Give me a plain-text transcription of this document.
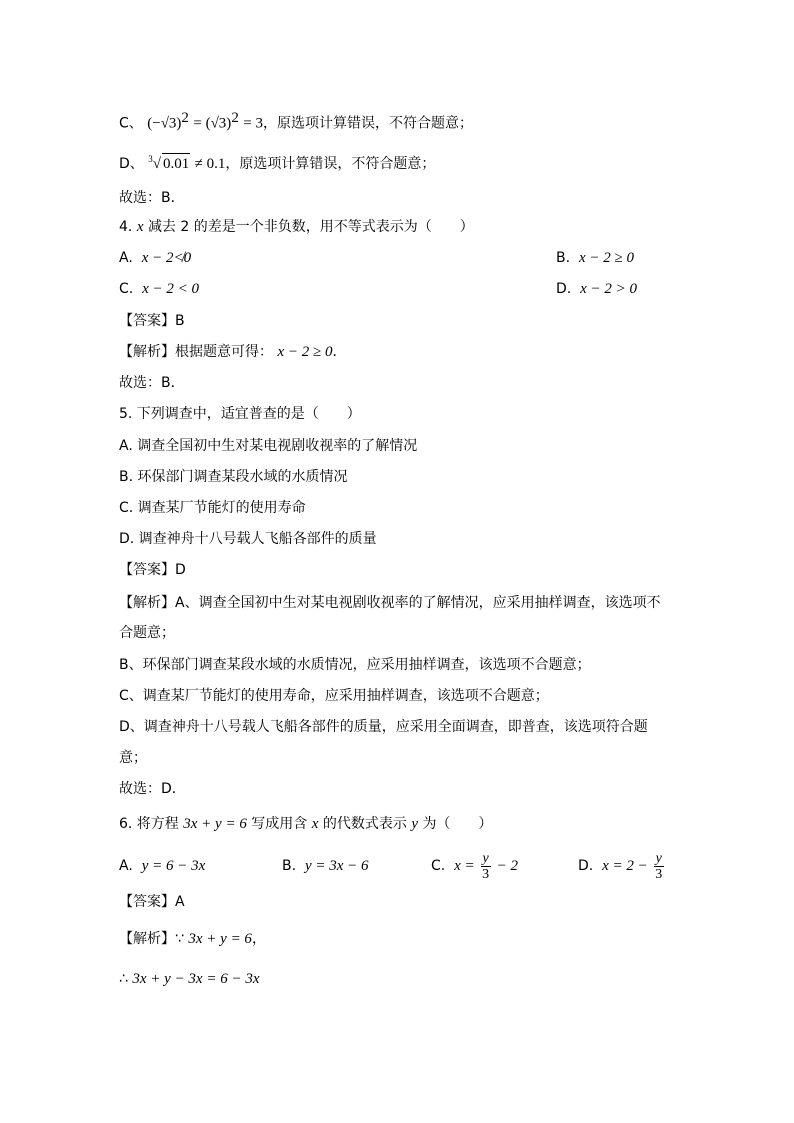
C、 $(-√3)^2 = (√3)^2 = 3$，原选项计算错误，不符合题意；
D、 $^3$√ 0.01 ≠ 0.1，原选项计算错误，不符合题意；
故选：B．
4. x 减去 2 的差是一个非负数，用不等式表示为（　　）
A. x − 2≮0	B. x − 2 ≥ 0
C. x − 2 < 0	D. x − 2 > 0
【答案】B
【解析】根据题意可得： x − 2 ≥ 0．
故选：B．
5. 下列调查中，适宜普查的是（　　）
A. 调查全国初中生对某电视剧收视率的了解情况
B. 环保部门调查某段水域的水质情况
C. 调查某厂节能灯的使用寿命
D. 调查神舟十八号载人飞船各部件的质量
【答案】D
【解析】A、调查全国初中生对某电视剧收视率的了解情况，应采用抽样调查，该选项不
合题意；
B、环保部门调查某段水域的水质情况，应采用抽样调查，该选项不合题意；
C、调查某厂节能灯的使用寿命，应采用抽样调查，该选项不合题意；
D、调查神舟十八号载人飞船各部件的质量，应采用全面调查，即普查，该选项符合题
意；
故选：D．
6. 将方程 3x + y = 6 写成用含 x 的代数式表示 y 为（　　）
A. y = 6 − 3x	B. y = 3x − 6	C. $x = \frac{y}{3} - 2$	D. $x = 2 - \frac{y}{3}$
【答案】A
【解析】∵ 3x + y = 6，
∴ 3x + y − 3x = 6 − 3x
